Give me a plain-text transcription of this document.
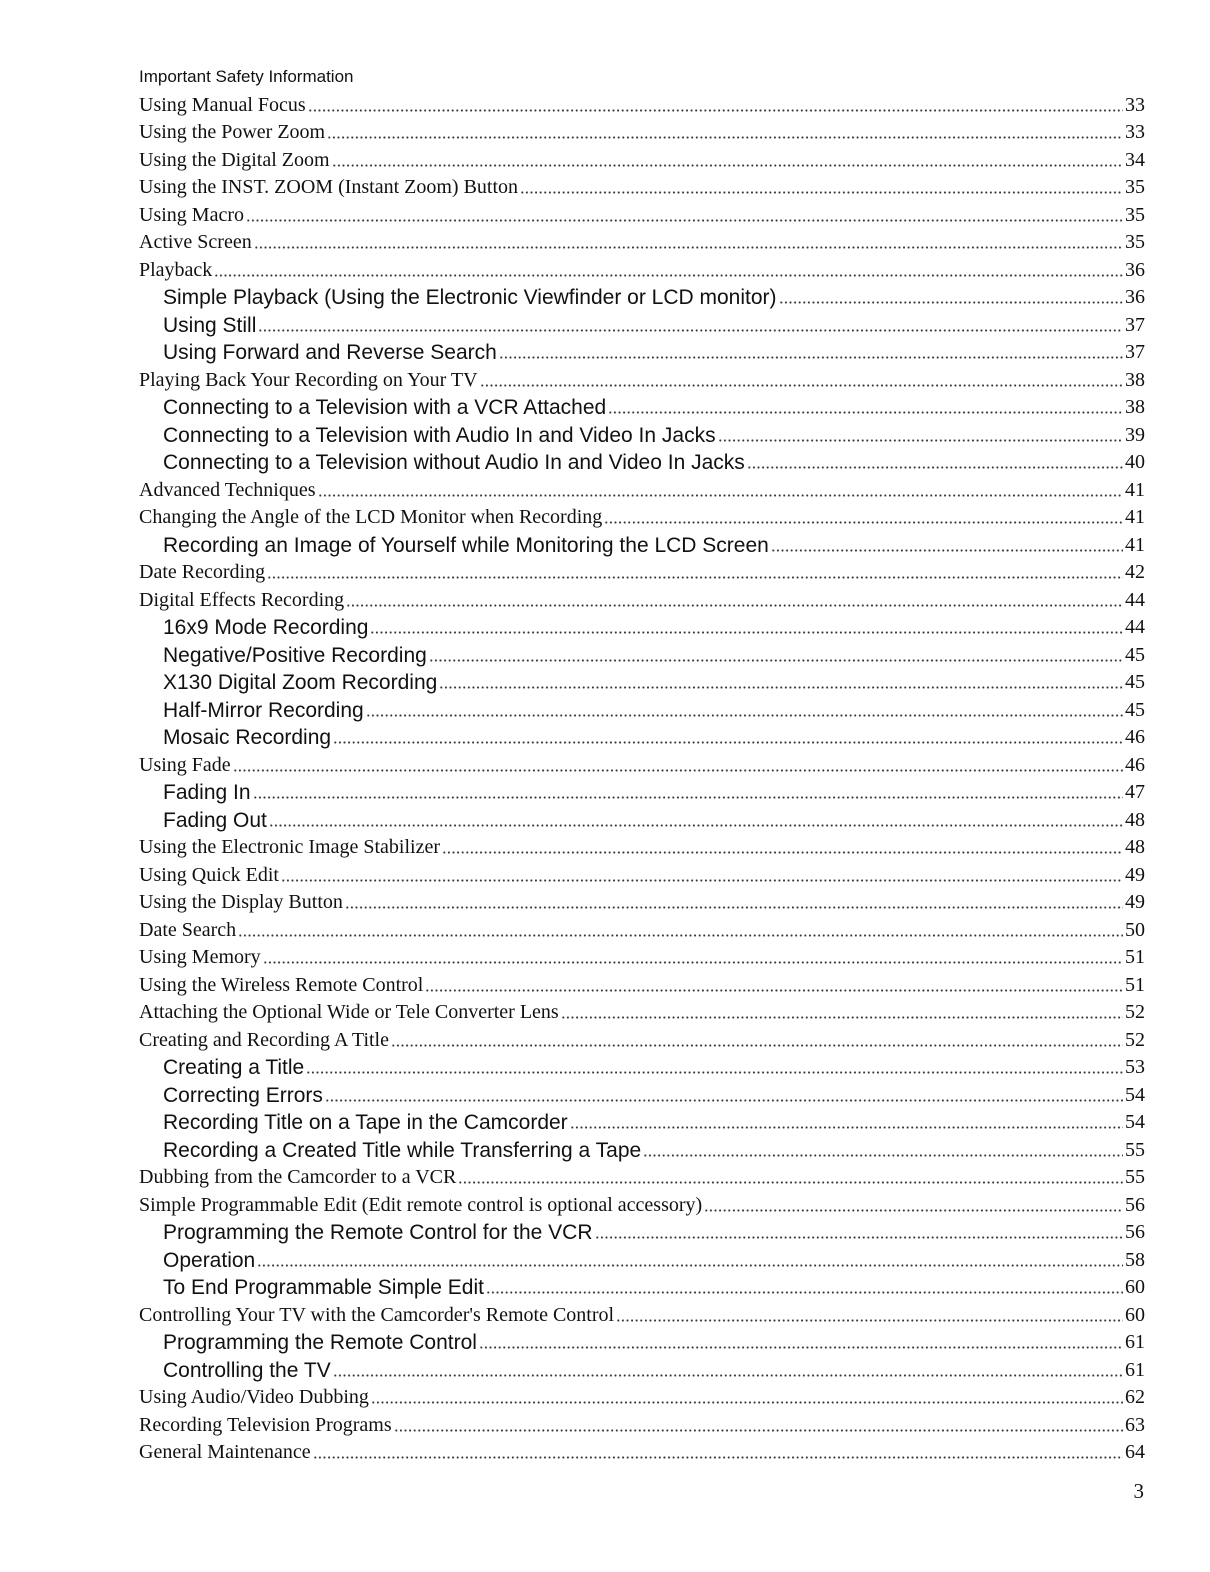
Important Safety Information
Using Manual Focus	33
Using the Power Zoom	33
Using the Digital Zoom	34
Using the INST. ZOOM (Instant Zoom) Button	35
Using Macro	35
Active Screen	35
Playback	36
Simple Playback (Using the Electronic Viewfinder or LCD monitor)	36
Using Still	37
Using Forward and Reverse Search	37
Playing Back Your Recording on Your TV	38
Connecting to a Television with a VCR Attached	38
Connecting to a Television with Audio In and Video In Jacks	39
Connecting to a Television without Audio In and Video In Jacks	40
Advanced Techniques	41
Changing the Angle of the LCD Monitor when Recording	41
Recording an Image of Yourself while Monitoring the LCD Screen	41
Date Recording	42
Digital Effects Recording	44
16x9 Mode Recording	44
Negative/Positive Recording	45
X130 Digital Zoom Recording	45
Half-Mirror Recording	45
Mosaic Recording	46
Using Fade	46
Fading In	47
Fading Out	48
Using the Electronic Image Stabilizer	48
Using Quick Edit	49
Using the Display Button	49
Date Search	50
Using Memory	51
Using the Wireless Remote Control	51
Attaching the Optional Wide or Tele Converter Lens	52
Creating and Recording A Title	52
Creating a Title	53
Correcting Errors	54
Recording Title on a Tape in the Camcorder	54
Recording a Created Title while Transferring a Tape	55
Dubbing from the Camcorder to a VCR	55
Simple Programmable Edit (Edit remote control is optional accessory)	56
Programming the Remote Control for the VCR	56
Operation	58
To End Programmable Simple Edit	60
Controlling Your TV with the Camcorder's Remote Control	60
Programming the Remote Control	61
Controlling the TV	61
Using Audio/Video Dubbing	62
Recording Television Programs	63
General Maintenance	64
3
